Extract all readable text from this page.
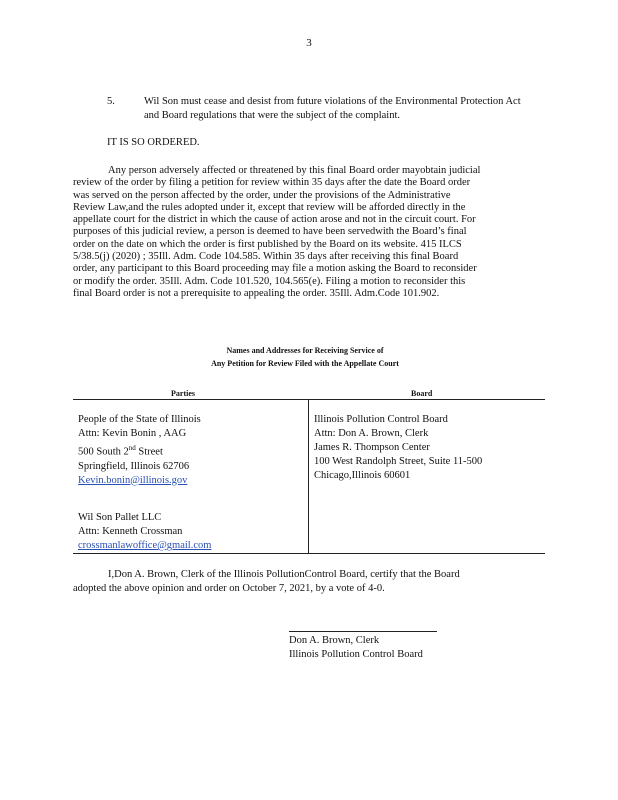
3
5.	Wil Son must cease and desist from future violations of the Environmental Protection Act and Board regulations that were the subject of the complaint.
IT IS SO ORDERED.
Any person adversely affected or threatened by this final Board order mayobtain judicial
review of the order by filing a petition for review within 35 days after the date the Board order
was served on the person affected by the order, under the provisions of the Administrative
Review Law,and the rules adopted under it, except that review will be afforded directly in the
appellate court for the district in which the cause of action arose and not in the circuit court. For
purposes of this judicial review, a person is deemed to have been servedwith the Board’s final
order on the date on which the order is first published by the Board on its website. 415 ILCS
5/38.5(j) (2020) ; 35Ill. Adm. Code 104.585. Within 35 days after receiving this final Board
order, any participant to this Board proceeding may file a motion asking the Board to reconsider
or modify the order. 35Ill. Adm. Code 101.520, 104.565(e). Filing a motion to reconsider this
final Board order is not a prerequisite to appealing the order. 35Ill. Adm.Code 101.902.
Names and Addresses for Receiving Service of
Any Petition for Review Filed with the Appellate Court
Parties	Board
People of the State of Illinois
Attn: Kevin Bonin , AAG
500 South 2nd Street
Springfield, Illinois 62706
Kevin.bonin@illinois.gov
Wil Son Pallet LLC
Attn: Kenneth Crossman
crossmanlawoffice@gmail.com
Illinois Pollution Control Board
Attn: Don A. Brown, Clerk
James R. Thompson Center
100 West Randolph Street, Suite 11-500
Chicago,Illinois 60601
I,Don A. Brown, Clerk of the Illinois PollutionControl Board, certify that the Board
adopted the above opinion and order on October 7, 2021, by a vote of 4-0.
Don A. Brown, Clerk
Illinois Pollution Control Board
